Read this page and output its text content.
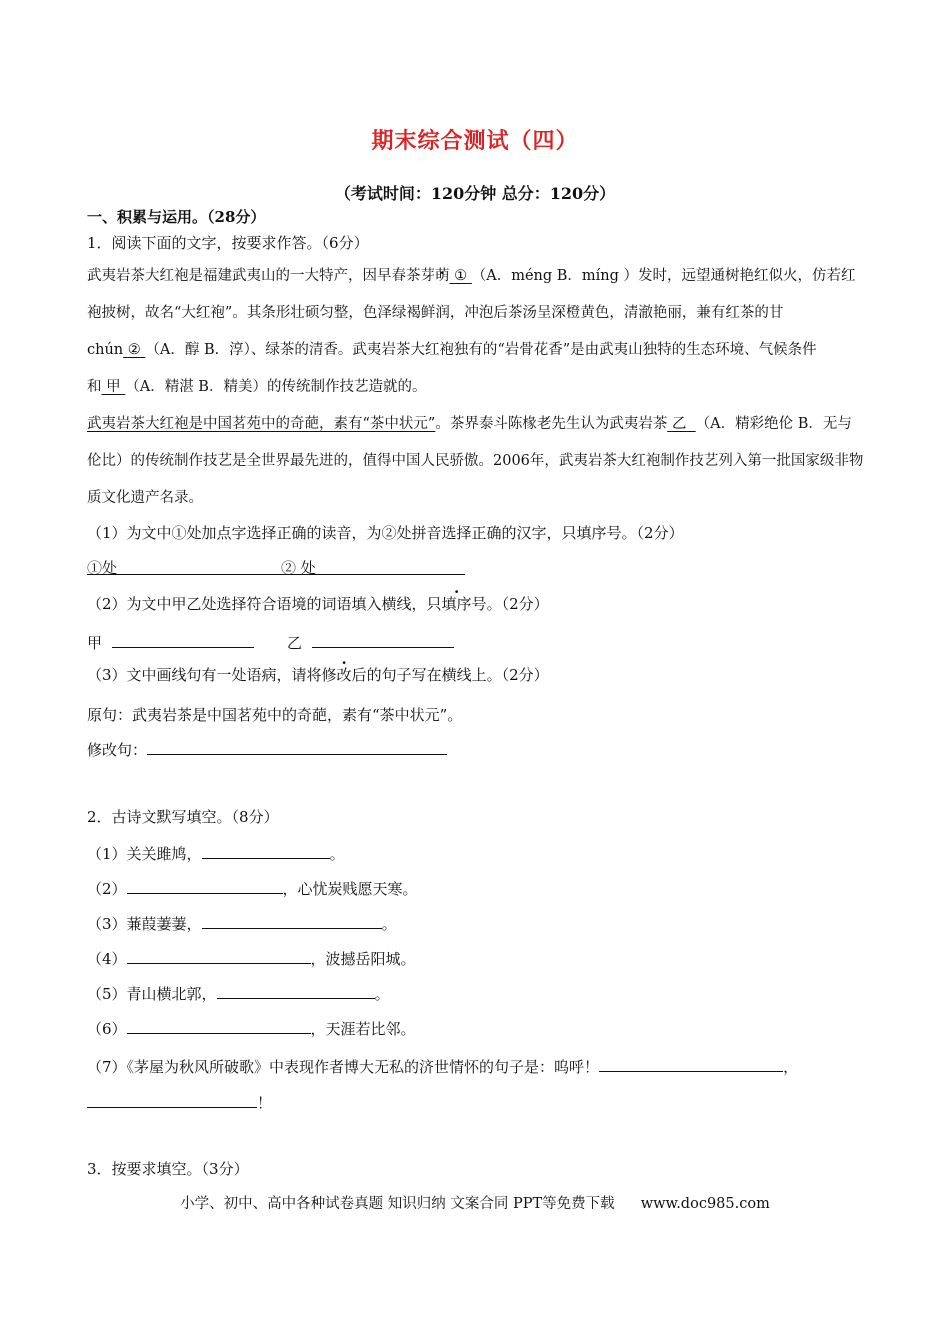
期末综合测试（四）
（考试时间：120分钟 总分：120分）
一、积累与运用。（28分）
1．阅读下面的文字，按要求作答。（6分）
武夷岩茶大红袍是福建武夷山的一大特产，因早春茶芽萌 · ① （A．méng B．míng ）发时，远望通树艳红似火，仿若红袍披树，故名“大红袍”。其条形壮硕匀整，色泽绿褐鲜润，冲泡后茶汤呈深橙黄色，清澈艳丽，兼有红茶的甘 chún ② （A．醇 B．淳）、绿茶的清香。武夷岩茶大红袍独有的“岩骨花香”是由武夷山独特的生态环境、气候条件和 甲 （A．精湛 B．精美）的传统制作技艺造就的。
武夷岩茶大红袍是中国茗苑中的奇葩，素有“茶中状元”。茶界泰斗陈椽老先生认为武夷岩茶 乙 （A．精彩绝伦 B．无与伦比）的传统制作技艺是全世界最先进的，值得中国人民骄傲。2006年，武夷岩茶大红袍制作技艺列入第一批国家级非物质文化遗产名录。
（1）为文中①处加点字选择正确的读音，为②处拼音选择正确的汉字，只填序号。（2分）
①处	② 处
（2）为文中甲乙处选择符合语境的词语填入横线，只填序号。（2分）
甲	乙
（3）文中画线句有一处语病，请将修改后的句子写在横线上。（2分）
原句：武夷岩茶是中国茗苑中的奇葩，素有“茶中状元”。
修改句：
2．古诗文默写填空。（8分）
（1）关关雎鸠，	。
（2）	，心忧炭贱愿天寒。
（3）蒹葭萋萋，	。
（4）	，波撼岳阳城。
（5）青山横北郭，	。
（6）	，天涯若比邻。
（7）《茅屋为秋风所破歌》中表现作者博大无私的济世情怀的句子是：呜呼！	，
！
3．按要求填空。（3分）
小学、初中、高中各种试卷真题 知识归纳 文案合同 PPT等免费下载 www.doc985.com
